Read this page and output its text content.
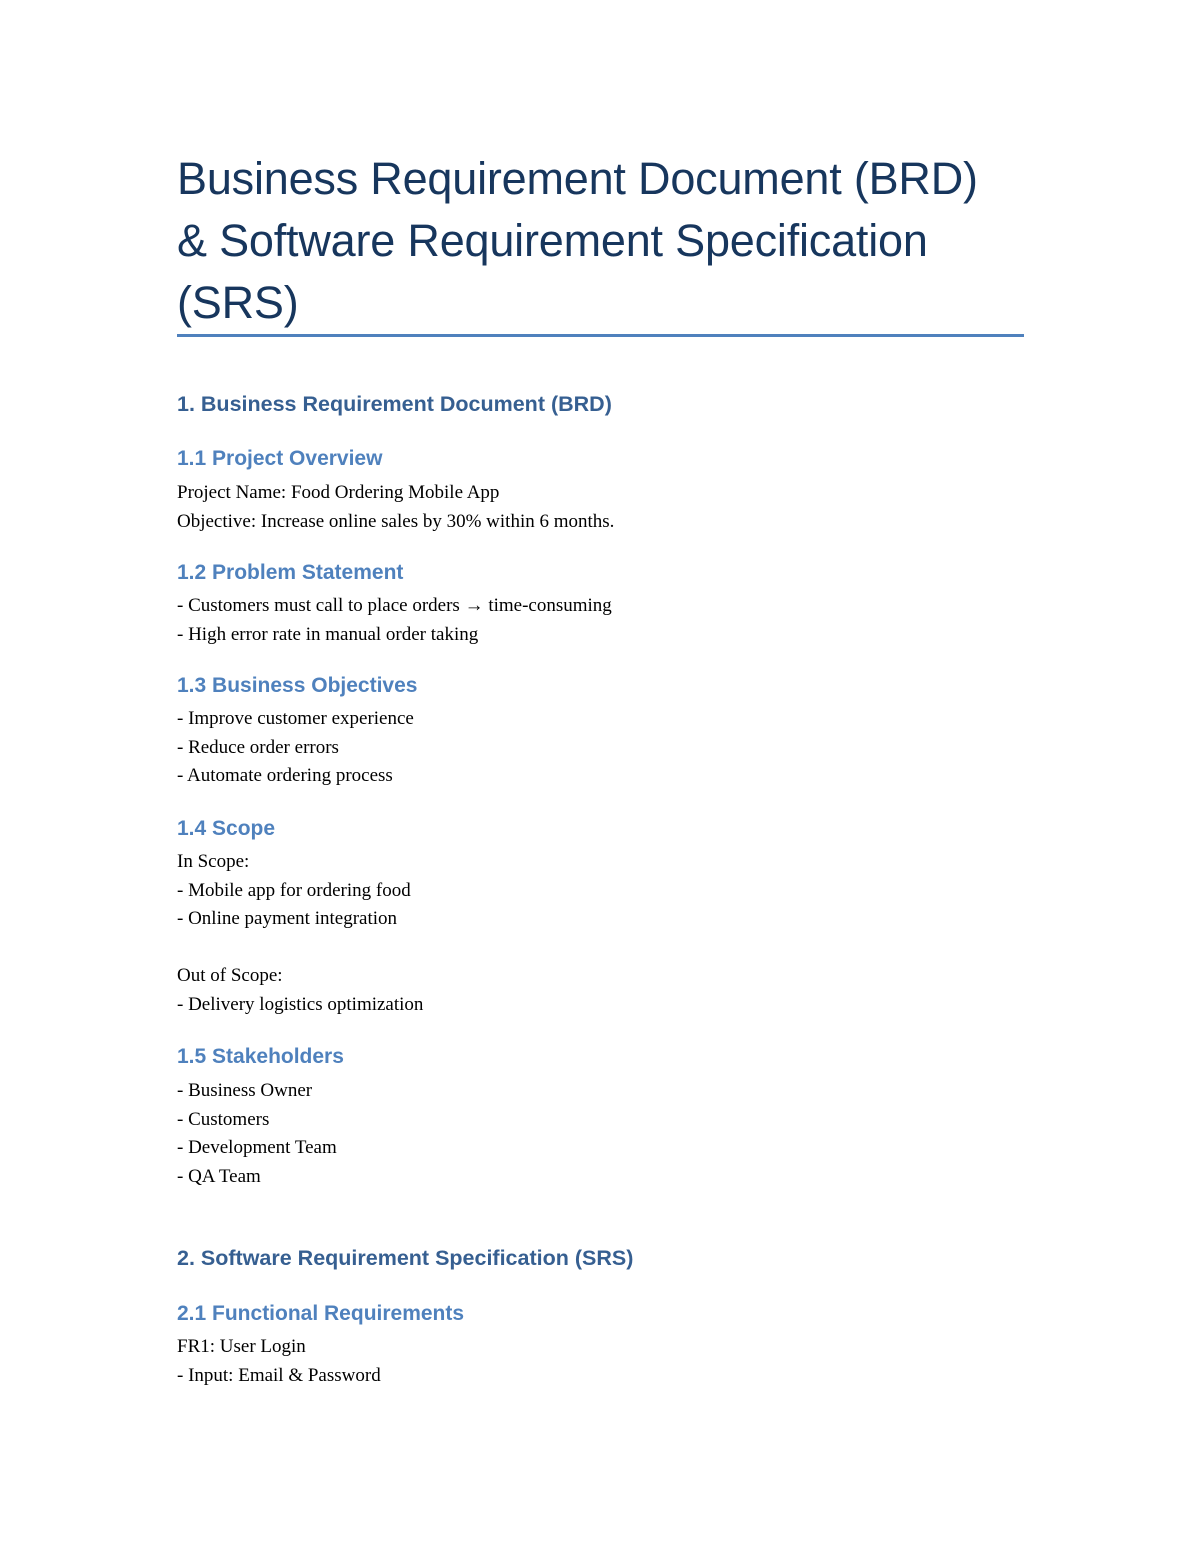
Business Requirement Document (BRD)
& Software Requirement Specification
(SRS)
1. Business Requirement Document (BRD)
1.1 Project Overview
Project Name: Food Ordering Mobile App
Objective: Increase online sales by 30% within 6 months.
1.2 Problem Statement
- Customers must call to place orders → time-consuming
- High error rate in manual order taking
1.3 Business Objectives
- Improve customer experience
- Reduce order errors
- Automate ordering process
1.4 Scope
In Scope:
- Mobile app for ordering food
- Online payment integration
Out of Scope:
- Delivery logistics optimization
1.5 Stakeholders
- Business Owner
- Customers
- Development Team
- QA Team
2. Software Requirement Specification (SRS)
2.1 Functional Requirements
FR1: User Login
- Input: Email & Password
